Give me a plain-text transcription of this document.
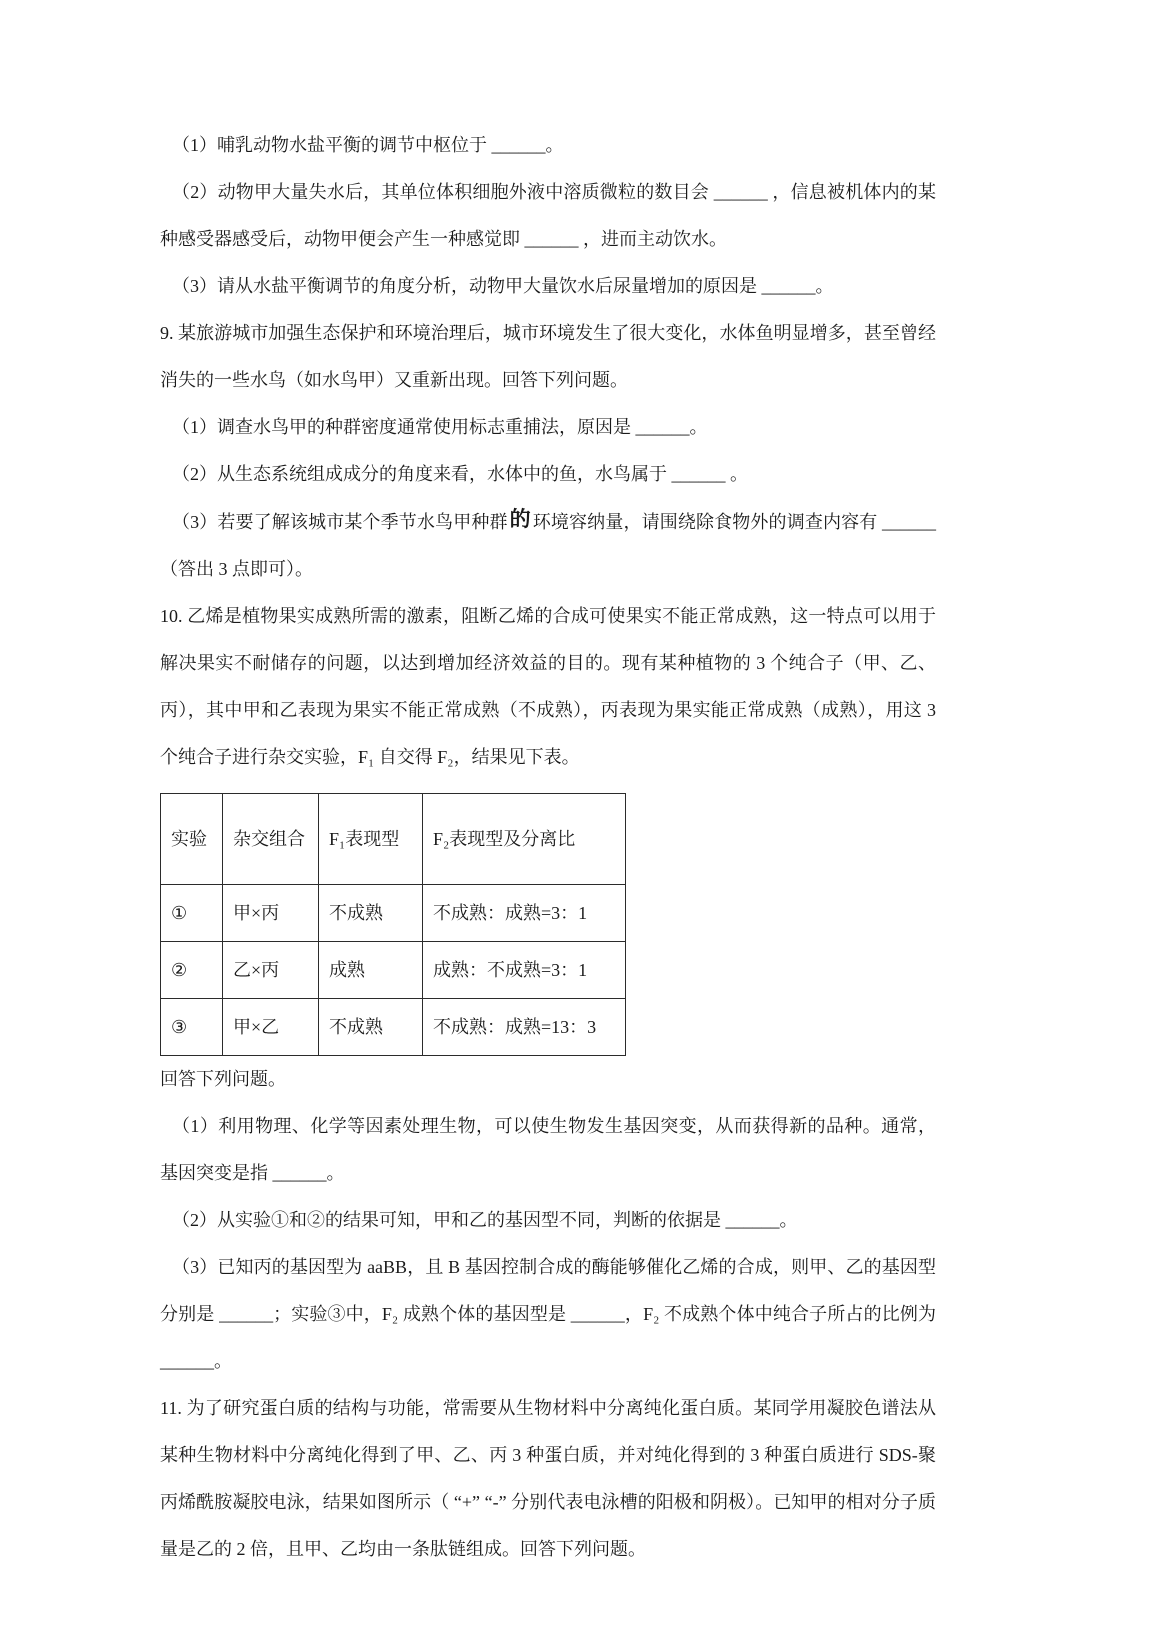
（1）哺乳动物水盐平衡的调节中枢位于 ______。

（2）动物甲大量失水后，其单位体积细胞外液中溶质微粒的数目会 ______ ，信息被机体内的某种感受器感受后，动物甲便会产生一种感觉即 ______ ，进而主动饮水。

（3）请从水盐平衡调节的角度分析，动物甲大量饮水后尿量增加的原因是 ______。

9. 某旅游城市加强生态保护和环境治理后，城市环境发生了很大变化，水体鱼明显增多，甚至曾经消失的一些水鸟（如水鸟甲）又重新出现。回答下列问题。

（1）调查水鸟甲的种群密度通常使用标志重捕法，原因是 ______。

（2）从生态系统组成成分的角度来看，水体中的鱼，水鸟属于 ______ 。

（3）若要了解该城市某个季节水鸟甲种群的 环境容纳量，请围绕除食物外的调查内容有 ______（答出 3 点即可）。

10. 乙烯是植物果实成熟所需的激素，阻断乙烯的合成可使果实不能正常成熟，这一特点可以用于解决果实不耐储存的问题，以达到增加经济效益的目的。现有某种植物的 3 个纯合子（甲、乙、丙），其中甲和乙表现为果实不能正常成熟（不成熟），丙表现为果实能正常成熟（成熟），用这 3 个纯合子进行杂交实验，F₁ 自交得 F₂，结果见下表。

实验	杂交组合	F₁表现型	F₂表现型及分离比
①	甲×丙	不成熟	不成熟：成熟=3：1
②	乙×丙	成熟	成熟：不成熟=3：1
③	甲×乙	不成熟	不成熟：成熟=13：3

回答下列问题。

（1）利用物理、化学等因素处理生物，可以使生物发生基因突变，从而获得新的品种。通常，基因突变是指 ______。

（2）从实验①和②的结果可知，甲和乙的基因型不同，判断的依据是 ______。

（3）已知丙的基因型为 aaBB，且 B 基因控制合成的酶能够催化乙烯的合成，则甲、乙的基因型分别是 ______；实验③中，F₂ 成熟个体的基因型是 ______，F₂ 不成熟个体中纯合子所占的比例为 ______。

11. 为了研究蛋白质的结构与功能，常需要从生物材料中分离纯化蛋白质。某同学用凝胶色谱法从某种生物材料中分离纯化得到了甲、乙、丙 3 种蛋白质，并对纯化得到的 3 种蛋白质进行 SDS-聚丙烯酰胺凝胶电泳，结果如图所示（ “+” “-” 分别代表电泳槽的阳极和阴极）。已知甲的相对分子质量是乙的 2 倍，且甲、乙均由一条肽链组成。回答下列问题。
